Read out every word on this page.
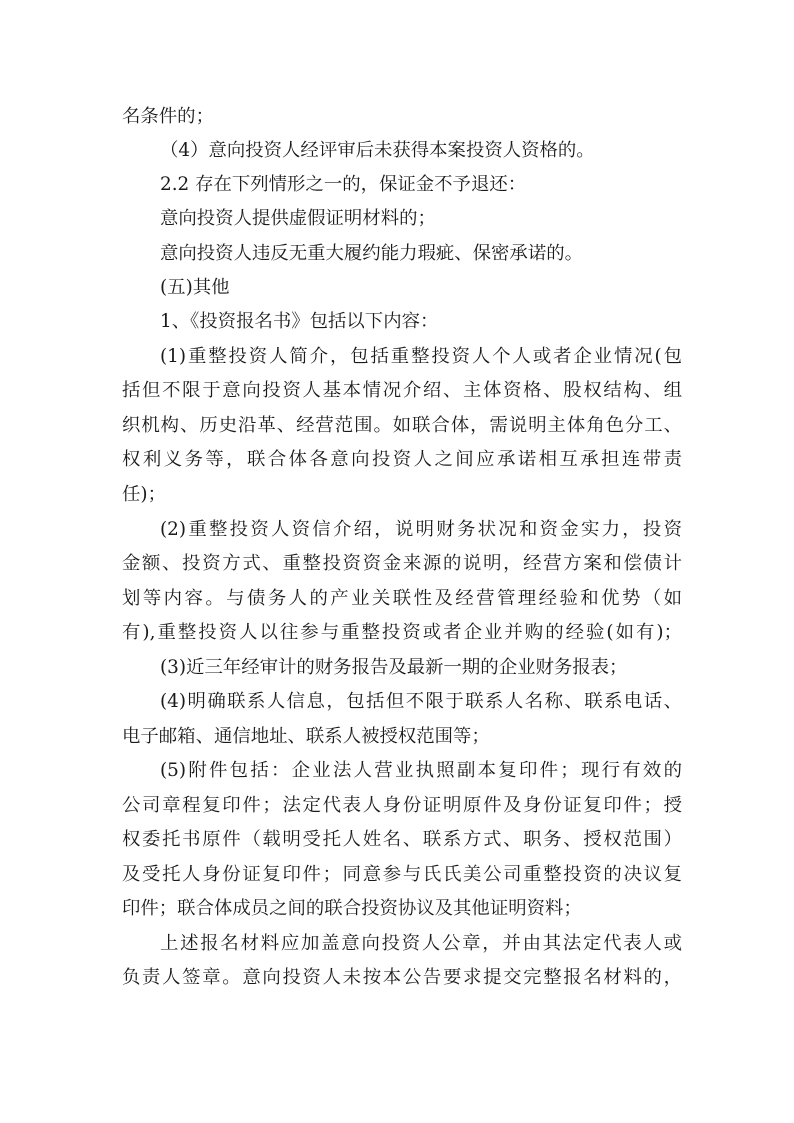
名条件的；
（4）意向投资人经评审后未获得本案投资人资格的。
2.2 存在下列情形之一的，保证金不予退还：
意向投资人提供虚假证明材料的；
意向投资人违反无重大履约能力瑕疵、保密承诺的。
(五)其他
1、《投资报名书》包括以下内容：
(1)重整投资人简介，包括重整投资人个人或者企业情况(包
括但不限于意向投资人基本情况介绍、主体资格、股权结构、组
织机构、历史沿革、经营范围。如联合体，需说明主体角色分工、
权利义务等，联合体各意向投资人之间应承诺相互承担连带责
任)；
(2)重整投资人资信介绍，说明财务状况和资金实力，投资
金额、投资方式、重整投资资金来源的说明，经营方案和偿债计
划等内容。与债务人的产业关联性及经营管理经验和优势（如
有),重整投资人以往参与重整投资或者企业并购的经验(如有)；
(3)近三年经审计的财务报告及最新一期的企业财务报表；
(4)明确联系人信息，包括但不限于联系人名称、联系电话、
电子邮箱、通信地址、联系人被授权范围等；
(5)附件包括：企业法人营业执照副本复印件；现行有效的
公司章程复印件；法定代表人身份证明原件及身份证复印件；授
权委托书原件（载明受托人姓名、联系方式、职务、授权范围）
及受托人身份证复印件；同意参与氏氏美公司重整投资的决议复
印件；联合体成员之间的联合投资协议及其他证明资料；
上述报名材料应加盖意向投资人公章，并由其法定代表人或
负责人签章。意向投资人未按本公告要求提交完整报名材料的，
